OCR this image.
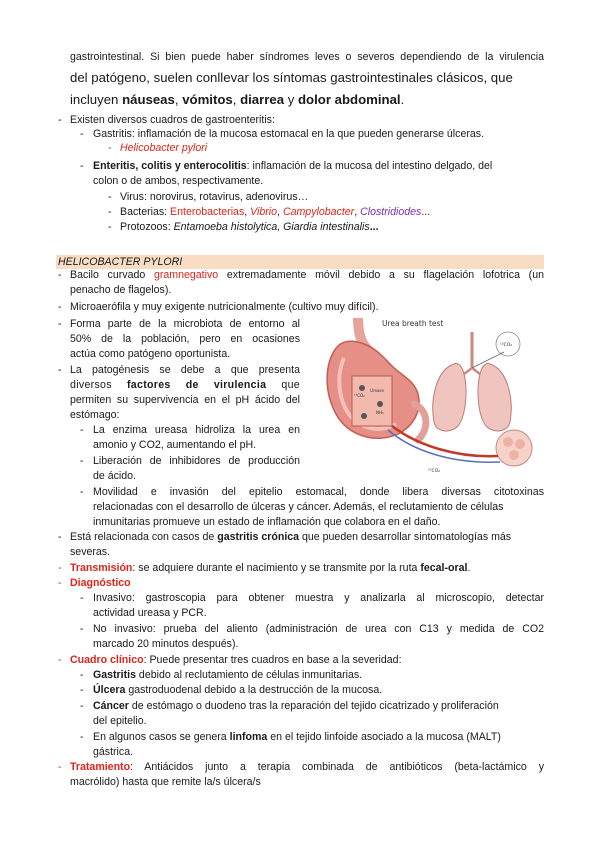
gastrointestinal. Si bien puede haber síndromes leves o severos dependiendo de la virulencia
del patógeno, suelen conllevar los síntomas gastrointestinales clásicos, que
incluyen náuseas, vómitos, diarrea y dolor abdominal.
- Existen diversos cuadros de gastroenteritis:
- Gastritis: inflamación de la mucosa estomacal en la que pueden generarse úlceras.
- Helicobacter pylori
- Enteritis, colitis y enterocolitis: inflamación de la mucosa del intestino delgado, del
colon o de ambos, respectivamente.
- Virus: norovirus, rotavirus, adenovirus…
- Bacterias: Enterobacterias, Vibrio, Campylobacter, Clostridiodes...
- Protozoos: Entamoeba histolytica, Giardia intestinalis...
HELICOBACTER PYLORI
- Bacilo curvado gramnegativo extremadamente móvil debido a su flagelación lofotrica (un
penacho de flagelos).
- Microaerófila y muy exigente nutricionalmente (cultivo muy difícil).
- Forma parte de la microbiota de entorno al
50% de la población, pero en ocasiones
actúa como patógeno oportunista.
- La patogénesis se debe a que presenta
diversos factores de virulencia que
permiten su supervivencia en el pH ácido del
estómago:
- La enzima ureasa hidroliza la urea en
amonio y CO2, aumentando el pH.
- Liberación de inhibidores de producción
de ácido.
- Movilidad e invasión del epitelio estomacal, donde libera diversas citotoxinas
relacionadas con el desarrollo de úlceras y cáncer. Además, el reclutamiento de células
inmunitarias promueve un estado de inflamación que colabora en el daño.
- Está relacionada con casos de gastritis crónica que pueden desarrollar sintomatologías más
severas.
- Transmisión: se adquiere durante el nacimiento y se transmite por la ruta fecal-oral.
- Diagnóstico
- Invasivo: gastroscopia para obtener muestra y analizarla al microscopio, detectar
actividad ureasa y PCR.
- No invasivo: prueba del aliento (administración de urea con C13 y medida de CO2
marcado 20 minutos después).
- Cuadro clínico: Puede presentar tres cuadros en base a la severidad:
- Gastritis debido al reclutamiento de células inmunitarias.
- Úlcera gastroduodenal debido a la destrucción de la mucosa.
- Cáncer de estómago o duodeno tras la reparación del tejido cicatrizado y proliferación
del epitelio.
- En algunos casos se genera linfoma en el tejido linfoide asociado a la mucosa (MALT)
gástrica.
- Tratamiento: Antiácidos junto a terapia combinada de antibióticos (beta-lactámico y
macrólido) hasta que remite la/s úlcera/s
¹³CO₂
Urease
NH₃
Urea breath test
¹³CO₂
¹³CO₂
